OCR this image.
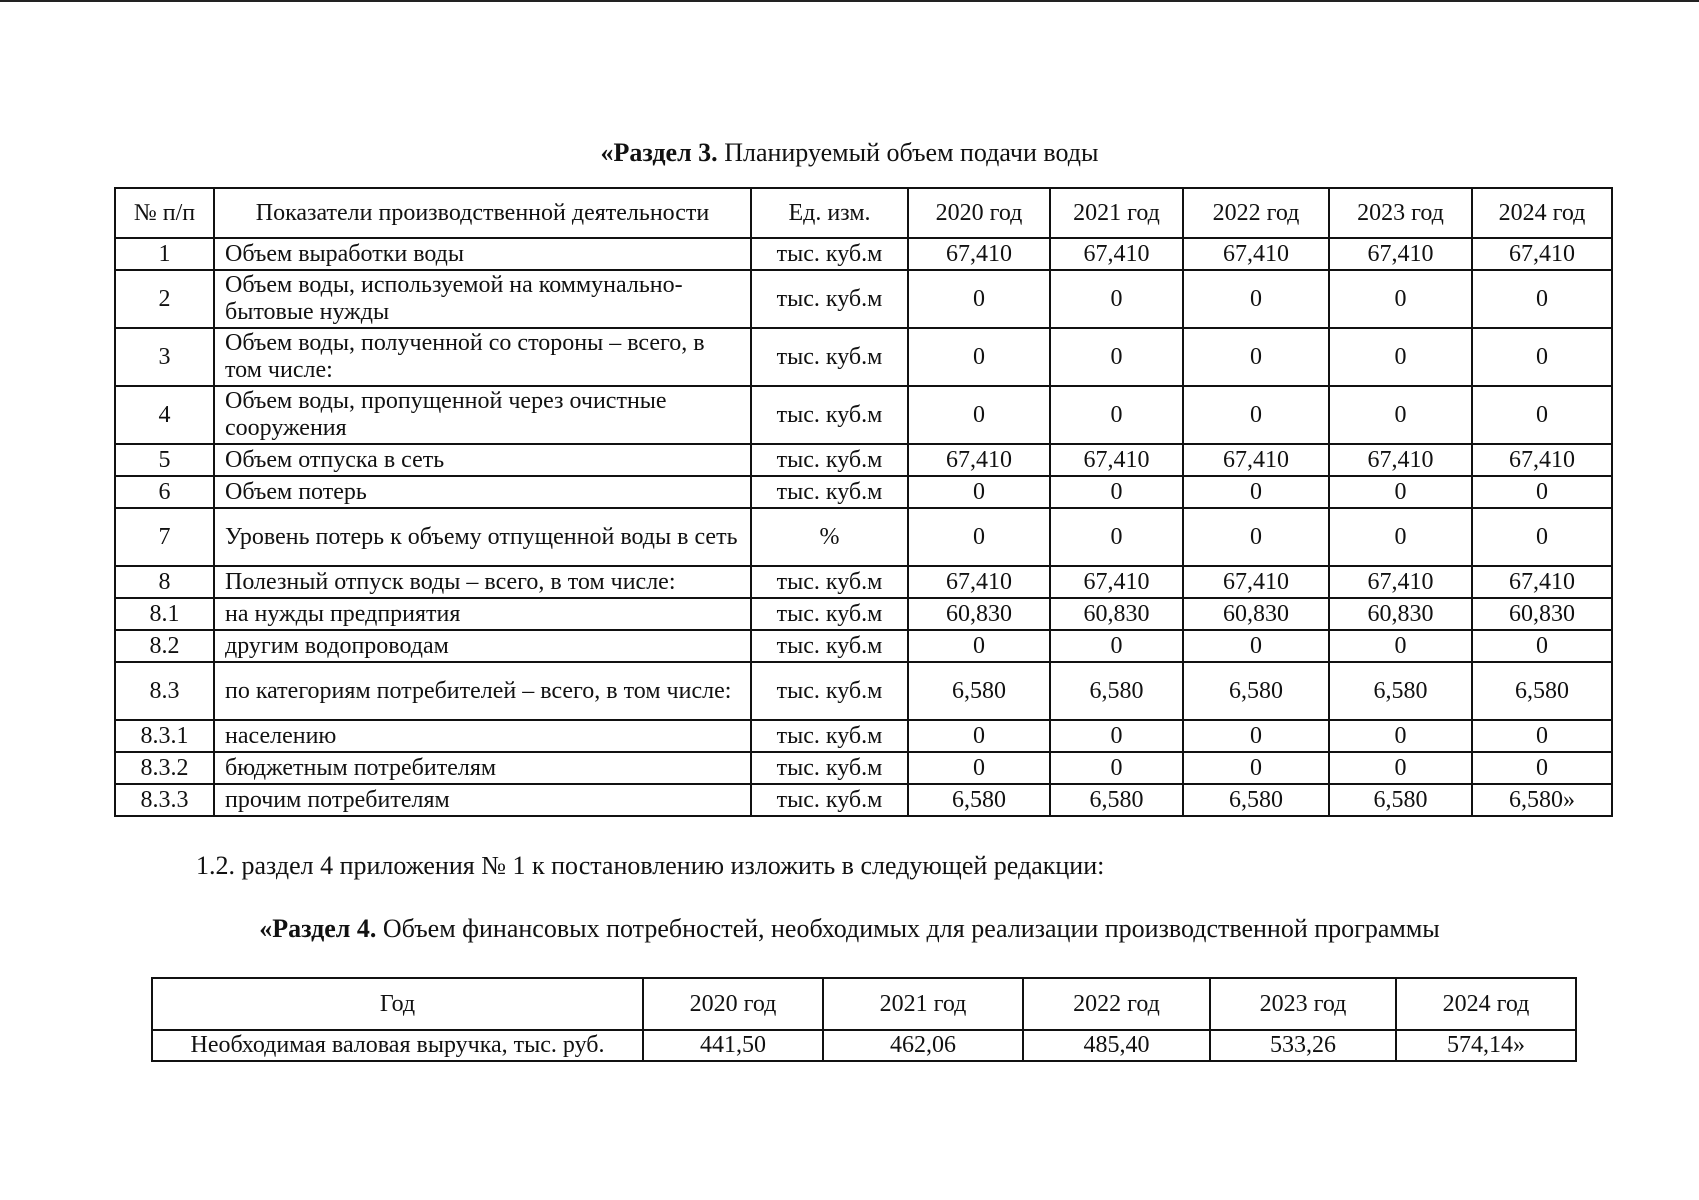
«Раздел 3. Планируемый объем подачи воды
№ п/п	Показатели производственной деятельности	Ед. изм.	2020 год	2021 год	2022 год	2023 год	2024 год
1	Объем выработки воды	тыс. куб.м	67,410	67,410	67,410	67,410	67,410
2	Объем воды, используемой на коммунально-бытовые нужды	тыс. куб.м	0	0	0	0	0
3	Объем воды, полученной со стороны – всего, в том числе:	тыс. куб.м	0	0	0	0	0
4	Объем воды, пропущенной через очистные сооружения	тыс. куб.м	0	0	0	0	0
5	Объем отпуска в сеть	тыс. куб.м	67,410	67,410	67,410	67,410	67,410
6	Объем потерь	тыс. куб.м	0	0	0	0	0
7	Уровень потерь к объему отпущенной воды в сеть	%	0	0	0	0	0
8	Полезный отпуск воды – всего, в том числе:	тыс. куб.м	67,410	67,410	67,410	67,410	67,410
8.1	на нужды предприятия	тыс. куб.м	60,830	60,830	60,830	60,830	60,830
8.2	другим водопроводам	тыс. куб.м	0	0	0	0	0
8.3	по категориям потребителей – всего, в том числе:	тыс. куб.м	6,580	6,580	6,580	6,580	6,580
8.3.1	населению	тыс. куб.м	0	0	0	0	0
8.3.2	бюджетным потребителям	тыс. куб.м	0	0	0	0	0
8.3.3	прочим потребителям	тыс. куб.м	6,580	6,580	6,580	6,580	6,580»
1.2. раздел 4 приложения № 1 к постановлению изложить в следующей редакции:
«Раздел 4. Объем финансовых потребностей, необходимых для реализации производственной программы
Год	2020 год	2021 год	2022 год	2023 год	2024 год
Необходимая валовая выручка, тыс. руб.	441,50	462,06	485,40	533,26	574,14»
